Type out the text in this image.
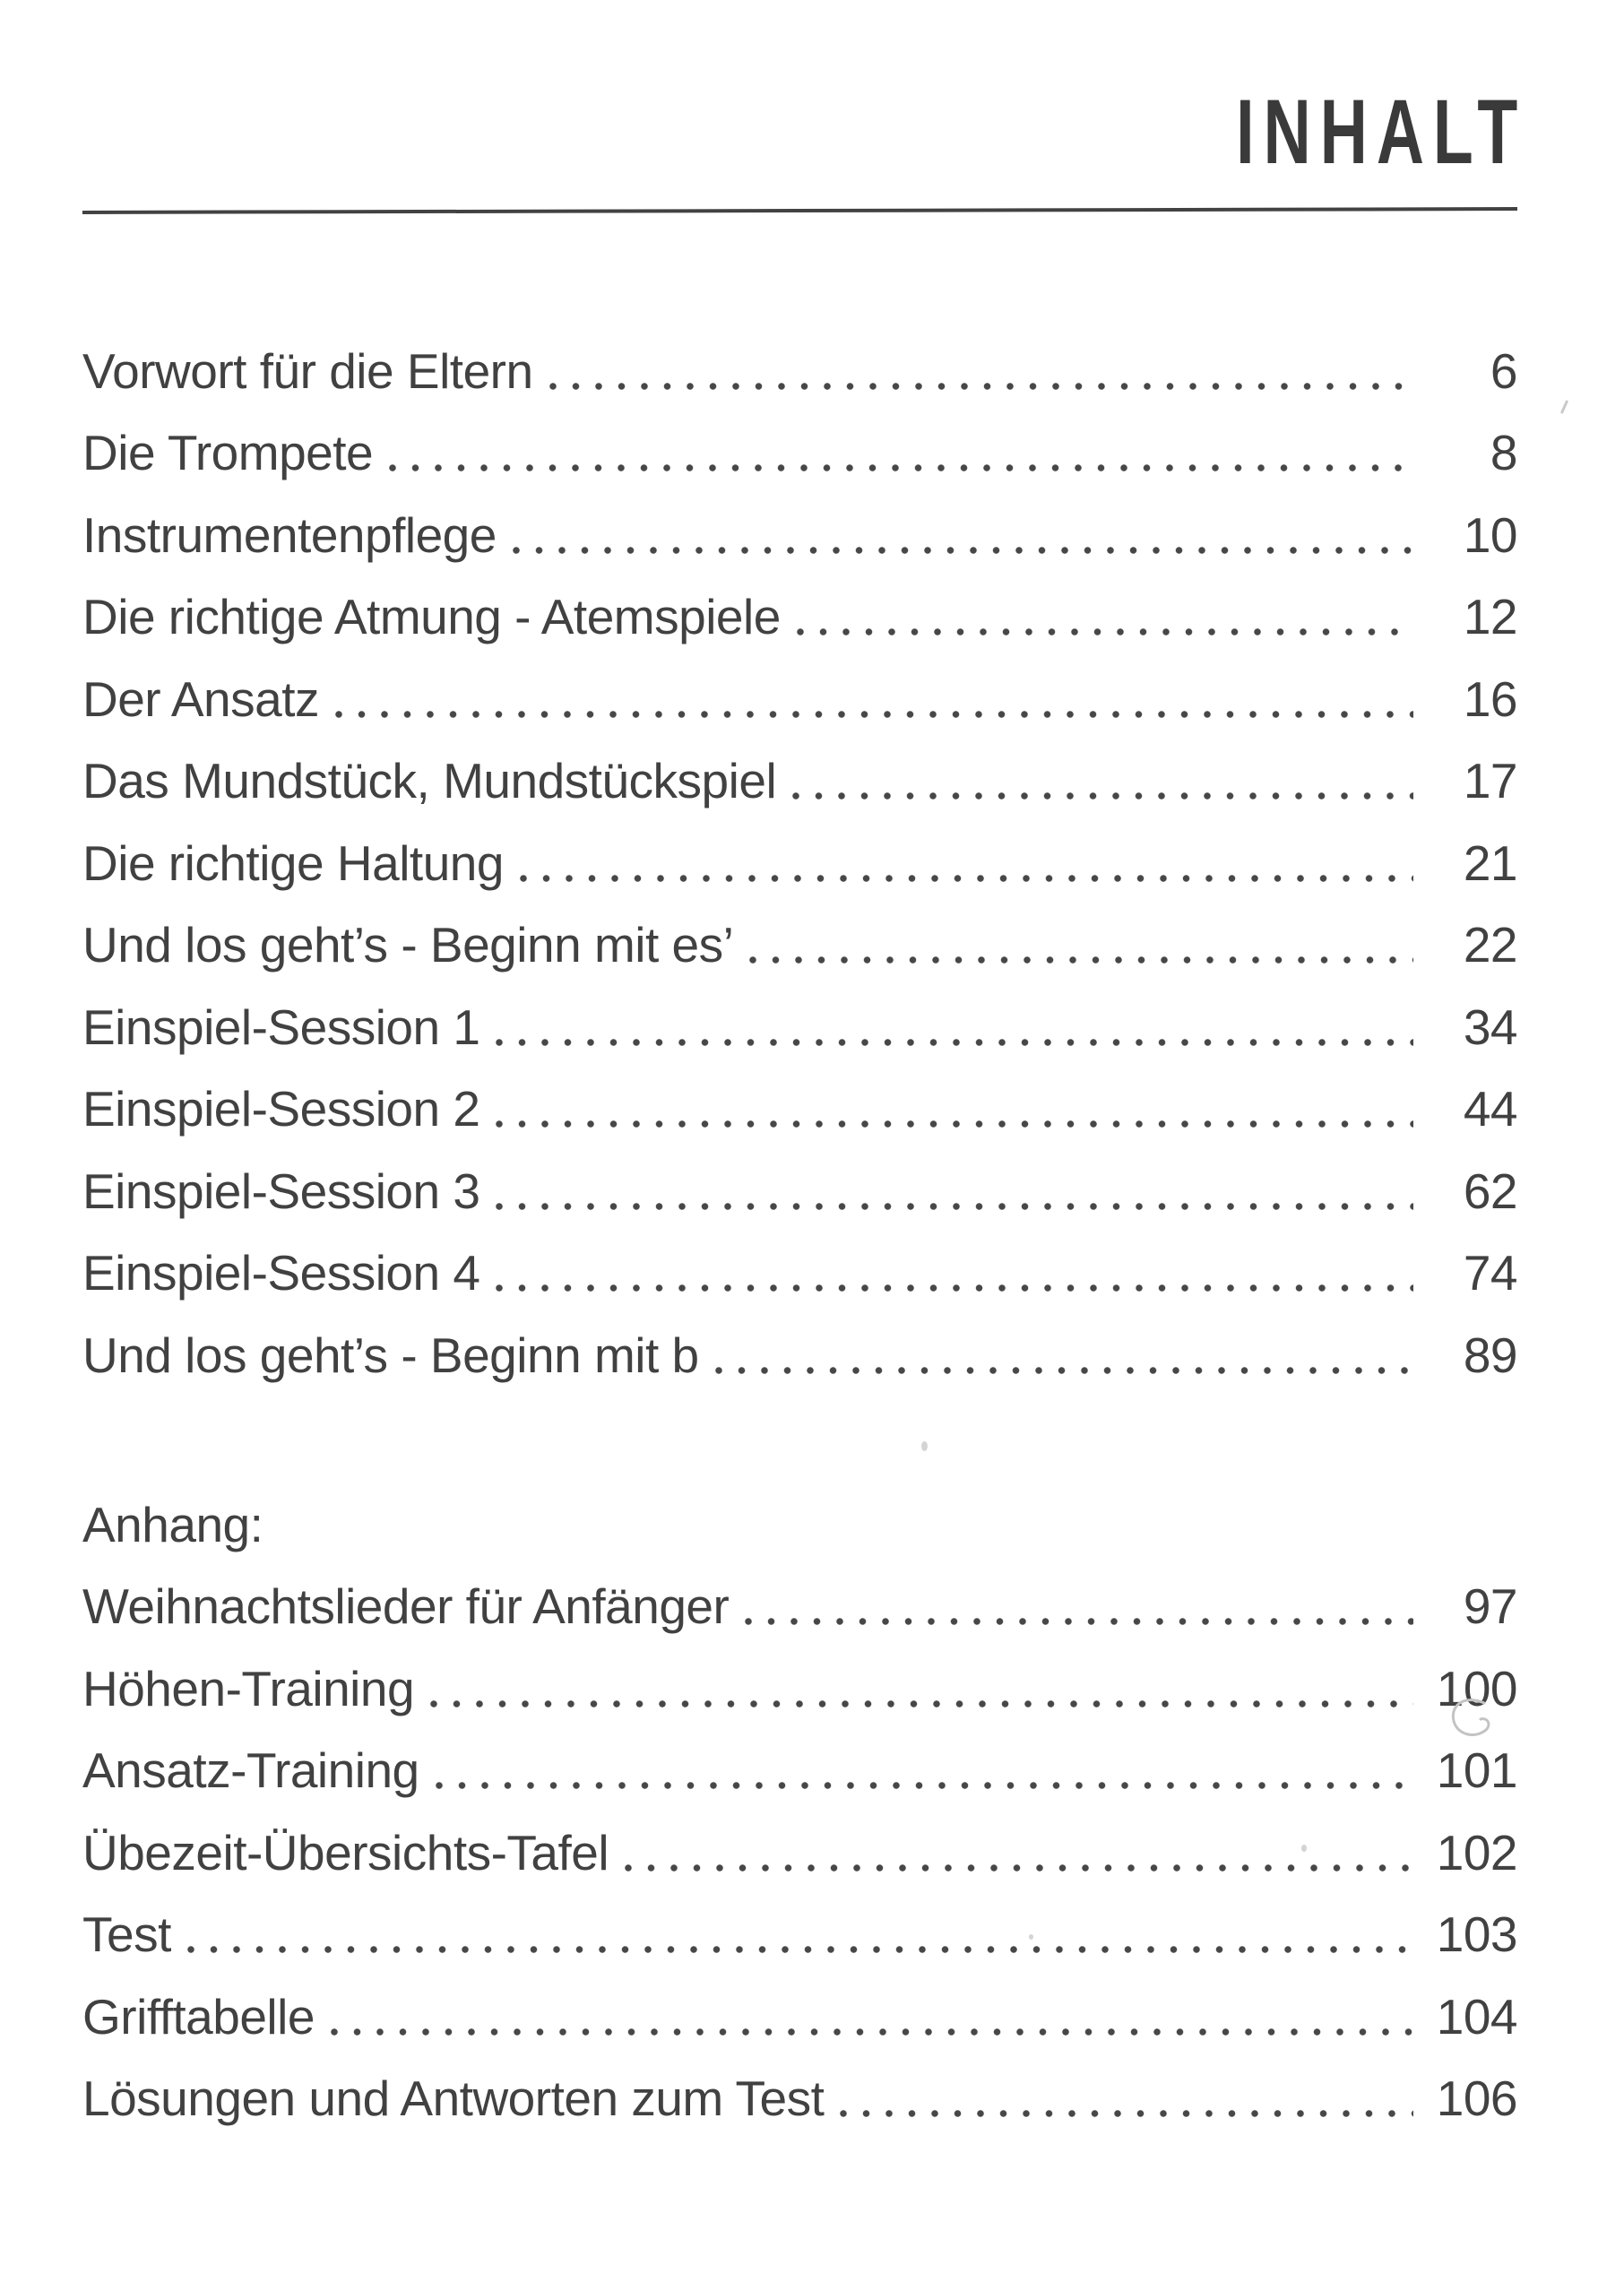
INHALT
Vorwort für die Eltern	6
Die Trompete	8
Instrumentenpflege	10
Die richtige Atmung - Atemspiele	12
Der Ansatz	16
Das Mundstück, Mundstückspiel	17
Die richtige Haltung	21
Und los geht’s - Beginn mit es’	22
Einspiel-Session 1	34
Einspiel-Session 2	44
Einspiel-Session 3	62
Einspiel-Session 4	74
Und los geht’s - Beginn mit b	89
Anhang:
Weihnachtslieder für Anfänger	97
Höhen-Training	100
Ansatz-Training	101
Übezeit-Übersichts-Tafel	102
Test	103
Grifftabelle	104
Lösungen und Antworten zum Test	106
